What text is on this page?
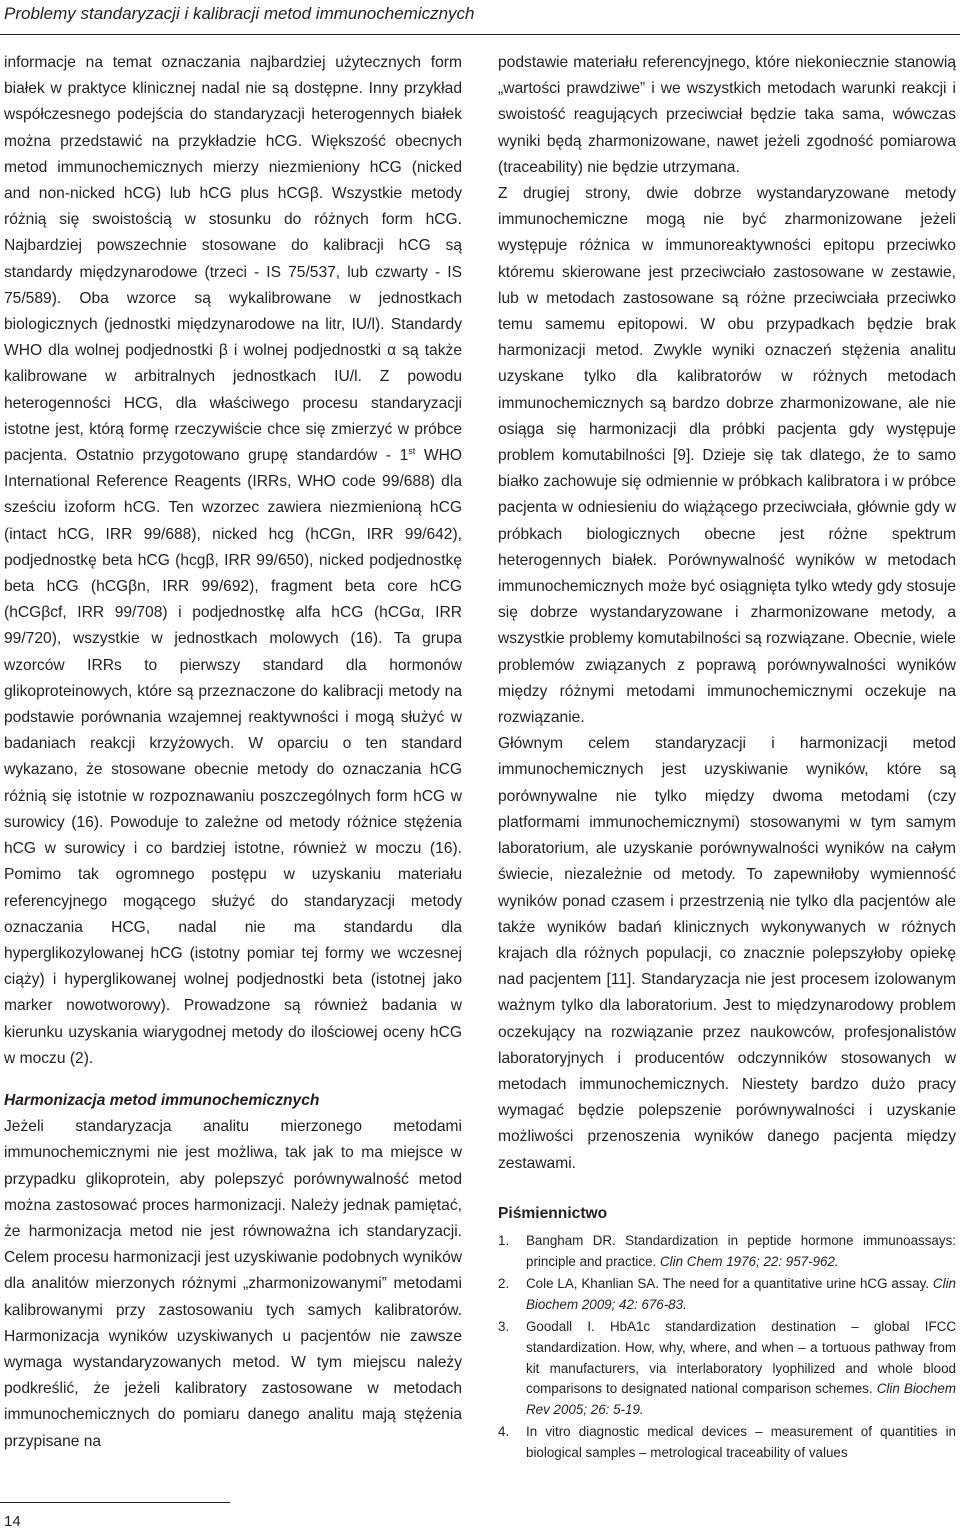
Problemy standaryzacji i kalibracji metod immunochemicznych

informacje na temat oznaczania najbardziej użytecznych form białek w praktyce klinicznej nadal nie są dostępne. Inny przykład współczesnego podejścia do standaryzacji heterogennych białek można przedstawić na przykładzie hCG. Większość obecnych metod immunochemicznych mierzy niezmieniony hCG (nicked and non-nicked hCG) lub hCG plus hCGβ. Wszystkie metody różnią się swoistością w stosunku do różnych form hCG. Najbardziej powszechnie stosowane do kalibracji hCG są standardy międzynarodowe (trzeci - IS 75/537, lub czwarty - IS 75/589). Oba wzorce są wykalibrowane w jednostkach biologicznych (jednostki międzynarodowe na litr, IU/l). Standardy WHO dla wolnej podjednostki β i wolnej podjednostki α są także kalibrowane w arbitralnych jednostkach IU/l. Z powodu heterogenności HCG, dla właściwego procesu standaryzacji istotne jest, którą formę rzeczywiście chce się zmierzyć w próbce pacjenta. Ostatnio przygotowano grupę standardów - 1st WHO International Reference Reagents (IRRs, WHO code 99/688) dla sześciu izoform hCG. Ten wzorzec zawiera niezmienioną hCG (intact hCG, IRR 99/688), nicked hcg (hCGn, IRR 99/642), podjednostkę beta hCG (hcgβ, IRR 99/650), nicked podjednostkę beta hCG (hCGβn, IRR 99/692), fragment beta core hCG (hCGβcf, IRR 99/708) i podjednostkę alfa hCG (hCGα, IRR 99/720), wszystkie w jednostkach molowych (16). Ta grupa wzorców IRRs to pierwszy standard dla hormonów glikoproteinowych, które są przeznaczone do kalibracji metody na podstawie porównania wzajemnej reaktywności i mogą służyć w badaniach reakcji krzyżowych. W oparciu o ten standard wykazano, że stosowane obecnie metody do oznaczania hCG różnią się istotnie w rozpoznawaniu poszczególnych form hCG w surowicy (16). Powoduje to zależne od metody różnice stężenia hCG w surowicy i co bardziej istotne, również w moczu (16). Pomimo tak ogromnego postępu w uzyskaniu materiału referencyjnego mogącego służyć do standaryzacji metody oznaczania HCG, nadal nie ma standardu dla hyperglikozylowanej hCG (istotny pomiar tej formy we wczesnej ciąży) i hyperglikowanej wolnej podjednostki beta (istotnej jako marker nowotworowy). Prowadzone są również badania w kierunku uzyskania wiarygodnej metody do ilościowej oceny hCG w moczu (2).

Harmonizacja metod immunochemicznych

Jeżeli standaryzacja analitu mierzonego metodami immunochemicznymi nie jest możliwa, tak jak to ma miejsce w przypadku glikoprotein, aby polepszyć porównywalność metod można zastosować proces harmonizacji. Należy jednak pamiętać, że harmonizacja metod nie jest równoważna ich standaryzacji. Celem procesu harmonizacji jest uzyskiwanie podobnych wyników dla analitów mierzonych różnymi „zharmonizowanymi” metodami kalibrowanymi przy zastosowaniu tych samych kalibratorów. Harmonizacja wyników uzyskiwanych u pacjentów nie zawsze wymaga wystandaryzowanych metod. W tym miejscu należy podkreślić, że jeżeli kalibratory zastosowane w metodach immunochemicznych do pomiaru danego analitu mają stężenia przypisane na

podstawie materiału referencyjnego, które niekoniecznie stanowią „wartości prawdziwe” i we wszystkich metodach warunki reakcji i swoistość reagujących przeciwciał będzie taka sama, wówczas wyniki będą zharmonizowane, nawet jeżeli zgodność pomiarowa (traceability) nie będzie utrzymana.

Z drugiej strony, dwie dobrze wystandaryzowane metody immunochemiczne mogą nie być zharmonizowane jeżeli występuje różnica w immunoreaktywności epitopu przeciwko któremu skierowane jest przeciwciało zastosowane w zestawie, lub w metodach zastosowane są różne przeciwciała przeciwko temu samemu epitopowi. W obu przypadkach będzie brak harmonizacji metod. Zwykle wyniki oznaczeń stężenia analitu uzyskane tylko dla kalibratorów w różnych metodach immunochemicznych są bardzo dobrze zharmonizowane, ale nie osiąga się harmonizacji dla próbki pacjenta gdy występuje problem komutabilności [9]. Dzieje się tak dlatego, że to samo białko zachowuje się odmiennie w próbkach kalibratora i w próbce pacjenta w odniesieniu do wiążącego przeciwciała, głównie gdy w próbkach biologicznych obecne jest różne spektrum heterogennych białek. Porównywalność wyników w metodach immunochemicznych może być osiągnięta tylko wtedy gdy stosuje się dobrze wystandaryzowane i zharmonizowane metody, a wszystkie problemy komutabilności są rozwiązane. Obecnie, wiele problemów związanych z poprawą porównywalności wyników między różnymi metodami immunochemicznymi oczekuje na rozwiązanie.

Głównym celem standaryzacji i harmonizacji metod immunochemicznych jest uzyskiwanie wyników, które są porównywalne nie tylko między dwoma metodami (czy platformami immunochemicznymi) stosowanymi w tym samym laboratorium, ale uzyskanie porównywalności wyników na całym świecie, niezależnie od metody. To zapewniłoby wymienność wyników ponad czasem i przestrzenią nie tylko dla pacjentów ale także wyników badań klinicznych wykonywanych w różnych krajach dla różnych populacji, co znacznie polepszyłoby opiekę nad pacjentem [11]. Standaryzacja nie jest procesem izolowanym ważnym tylko dla laboratorium. Jest to międzynarodowy problem oczekujący na rozwiązanie przez naukowców, profesjonalistów laboratoryjnych i producentów odczynników stosowanych w metodach immunochemicznych. Niestety bardzo dużo pracy wymagać będzie polepszenie porównywalności i uzyskanie możliwości przenoszenia wyników danego pacjenta między zestawami.

Piśmiennictwo
1. Bangham DR. Standardization in peptide hormone immunoassays: principle and practice. Clin Chem 1976; 22: 957-962.
2. Cole LA, Khanlian SA. The need for a quantitative urine hCG assay. Clin Biochem 2009; 42: 676-83.
3. Goodall I. HbA1c standardization destination – global IFCC standardization. How, why, where, and when – a tortuous pathway from kit manufacturers, via interlaboratory lyophilized and whole blood comparisons to designated national comparison schemes. Clin Biochem Rev 2005; 26: 5-19.
4. In vitro diagnostic medical devices – measurement of quantities in biological samples – metrological traceability of values
14
